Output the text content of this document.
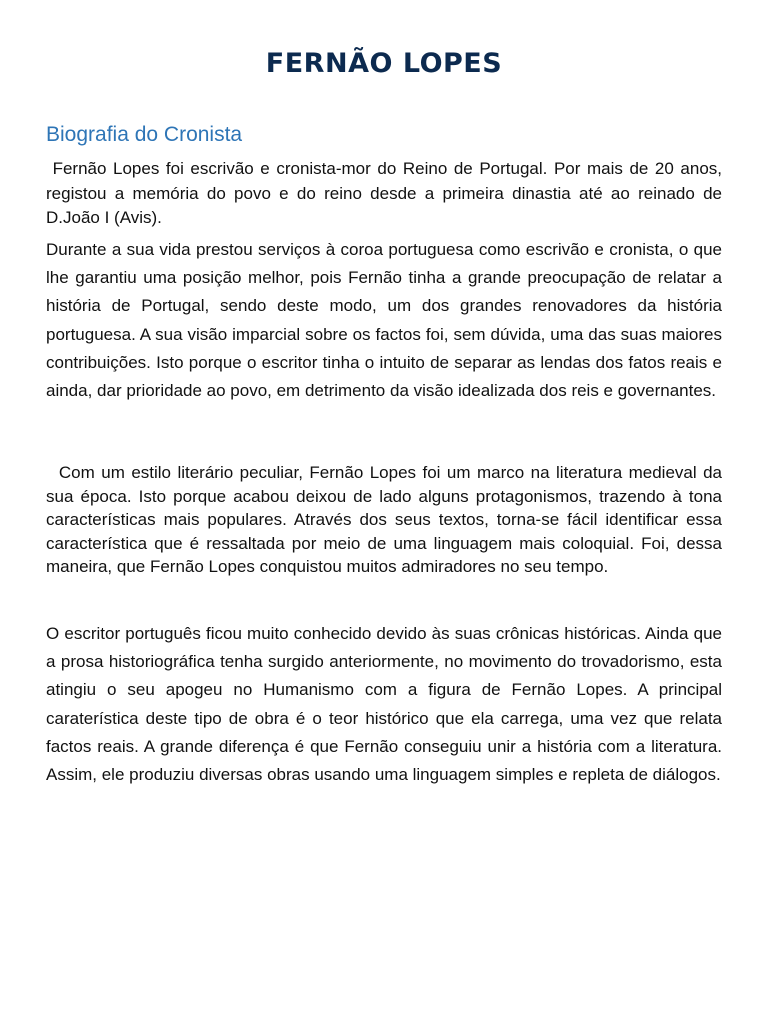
FERNÃO LOPES
Biografia do Cronista

Fernão Lopes foi escrivão e cronista-mor do Reino de Portugal. Por mais de 20 anos, registou a memória do povo e do reino desde a primeira dinastia até ao reinado de D.João I (Avis).

Durante a sua vida prestou serviços à coroa portuguesa como escrivão e cronista, o que lhe garantiu uma posição melhor, pois Fernão tinha a grande preocupação de relatar a história de Portugal, sendo deste modo, um dos grandes renovadores da história portuguesa. A sua visão imparcial sobre os factos foi, sem dúvida, uma das suas maiores contribuições. Isto porque o escritor tinha o intuito de separar as lendas dos fatos reais e ainda, dar prioridade ao povo, em detrimento da visão idealizada dos reis e governantes.

Com um estilo literário peculiar, Fernão Lopes foi um marco na literatura medieval da sua época. Isto porque acabou deixou de lado alguns protagonismos, trazendo à tona características mais populares. Através dos seus textos, torna-se fácil identificar essa característica que é ressaltada por meio de uma linguagem mais coloquial. Foi, dessa maneira, que Fernão Lopes conquistou muitos admiradores no seu tempo.

O escritor português ficou muito conhecido devido às suas crônicas históricas. Ainda que a prosa historiográfica tenha surgido anteriormente, no movimento do trovadorismo, esta atingiu o seu apogeu no Humanismo com a figura de Fernão Lopes. A principal caraterística deste tipo de obra é o teor histórico que ela carrega, uma vez que relata factos reais. A grande diferença é que Fernão conseguiu unir a história com a literatura. Assim, ele produziu diversas obras usando uma linguagem simples e repleta de diálogos.
